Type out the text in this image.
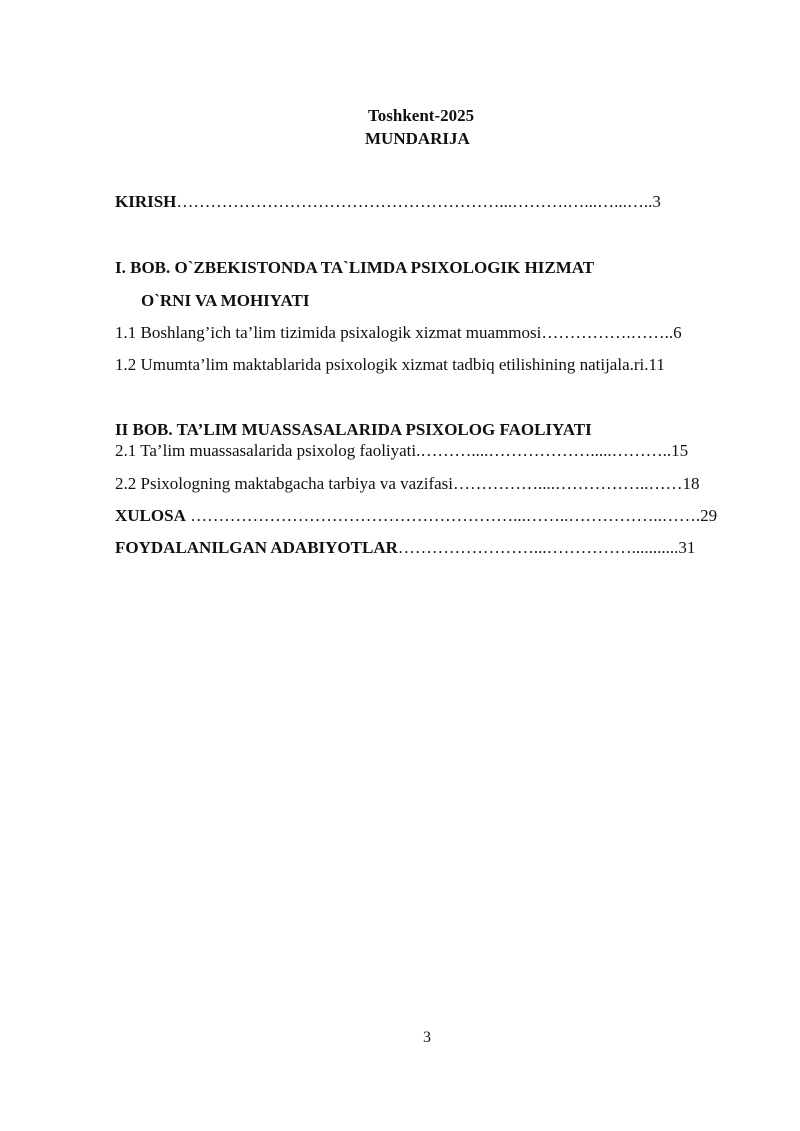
Toshkent-2025
MUNDARIJA
KIRISH…………………………………………………...……….…...…...…..3
I. BOB. O`ZBEKISTONDA TA`LIMDA PSIXOLOGIK HIZMAT
O`RNI VA MOHIYATI
1.1 Boshlang’ich ta’lim tizimida psixalogik xizmat muammosi…………….……..6
1.2 Umumta’lim maktablarida psixologik xizmat tadbiq etilishining natijala.ri.11
II BOB. TA’LIM MUASSASALARIDA PSIXOLOG FAOLIYATI
2.1 Ta’lim muassasalarida psixolog faoliyati.………....……………….....………..15
2.2 Psixologning maktabgacha tarbiya va vazifasi……………....……………..……18
XULOSA …………………………………………………...……..……………..…….29
FOYDALANILGAN ADABIYOTLAR……………………...……………...........31
3
